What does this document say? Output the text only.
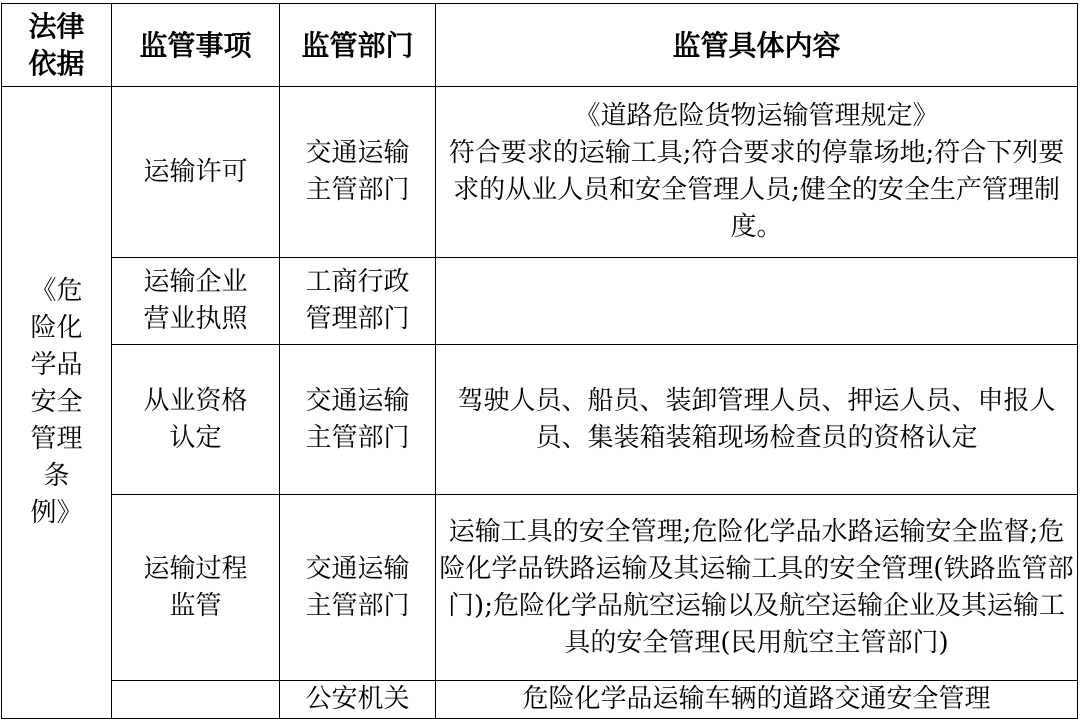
法律依据	监管事项	监管部门	监管具体内容
《危险化学品安全管理条例》	运输许可	交通运输主管部门	《道路危险货物运输管理规定》
符合要求的运输工具;符合要求的停靠场地;符合下列要求的从业人员和安全管理人员;健全的安全生产管理制度。

	运输企业营业执照	工商行政管理部门	
	从业资格认定	交通运输主管部门	驾驶人员、船员、装卸管理人员、押运人员、申报人员、集装箱装箱现场检查员的资格认定
	运输过程监管	交通运输主管部门	运输工具的安全管理;危险化学品水路运输安全监督;危险化学品铁路运输及其运输工具的安全管理(铁路监管部门);危险化学品航空运输以及航空运输企业及其运输工具的安全管理(民用航空主管部门)
		公安机关	危险化学品运输车辆的道路交通安全管理
